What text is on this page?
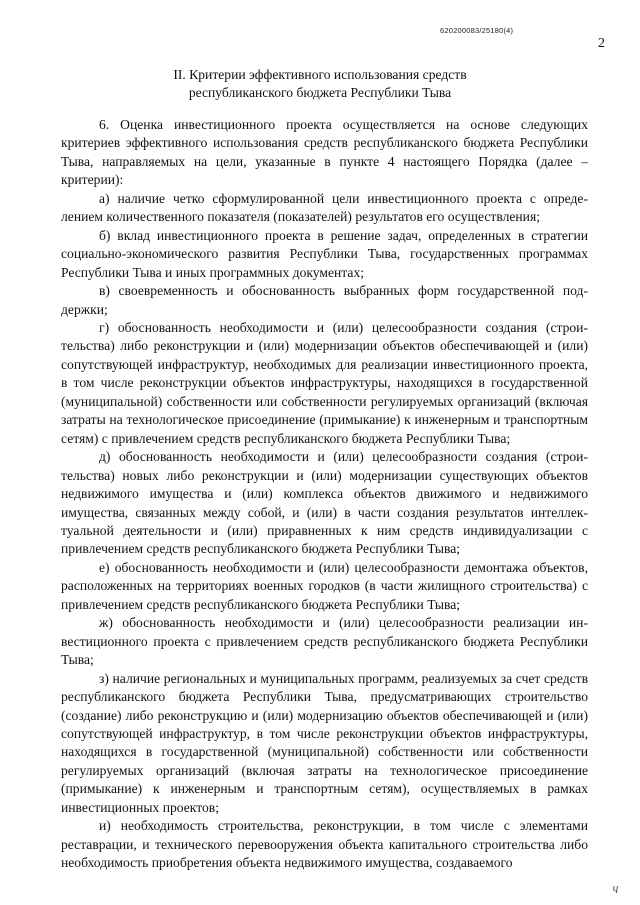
620200083/25180(4)
2
II. Критерии эффективного использования средств
республиканского бюджета Республики Тыва

6. Оценка инвестиционного проекта осуществляется на основе следующих критериев эффективного использования средств республиканского бюджета Республики Тыва, направляемых на цели, указанные в пункте 4 настоящего Порядка (далее – критерии):

а) наличие четко сформулированной цели инвестиционного проекта с определением количественного показателя (показателей) результатов его осуществления;

б) вклад инвестиционного проекта в решение задач, определенных в стратегии социально-экономического развития Республики Тыва, государственных программах Республики Тыва и иных программных документах;

в) своевременность и обоснованность выбранных форм государственной поддержки;

г) обоснованность необходимости и (или) целесообразности создания (строительства) либо реконструкции и (или) модернизации объектов обеспечивающей и (или) сопутствующей инфраструктур, необходимых для реализации инвестиционного проекта, в том числе реконструкции объектов инфраструктуры, находящихся в государственной (муниципальной) собственности или собственности регулируемых организаций (включая затраты на технологическое присоединение (примыкание) к инженерным и транспортным сетям) с привлечением средств республиканского бюджета Республики Тыва;

д) обоснованность необходимости и (или) целесообразности создания (строительства) новых либо реконструкции и (или) модернизации существующих объектов недвижимого имущества и (или) комплекса объектов движимого и недвижимого имущества, связанных между собой, и (или) в части создания результатов интеллектуальной деятельности и (или) приравненных к ним средств индивидуализации с привлечением средств республиканского бюджета Республики Тыва;

е) обоснованность необходимости и (или) целесообразности демонтажа объектов, расположенных на территориях военных городков (в части жилищного строительства) с привлечением средств республиканского бюджета Республики Тыва;

ж) обоснованность необходимости и (или) целесообразности реализации инвестиционного проекта с привлечением средств республиканского бюджета Республики Тыва;

з) наличие региональных и муниципальных программ, реализуемых за счет средств республиканского бюджета Республики Тыва, предусматривающих строительство (создание) либо реконструкцию и (или) модернизацию объектов обеспечивающей и (или) сопутствующей инфраструктур, в том числе реконструкции объектов инфраструктуры, находящихся в государственной (муниципальной) собственности или собственности регулируемых организаций (включая затраты на технологическое присоединение (примыкание) к инженерным и транспортным сетям), осуществляемых в рамках инвестиционных проектов;

и) необходимость строительства, реконструкции, в том числе с элементами реставрации, и технического перевооружения объекта капитального строительства либо необходимость приобретения объекта недвижимого имущества, создаваемого

Ч
